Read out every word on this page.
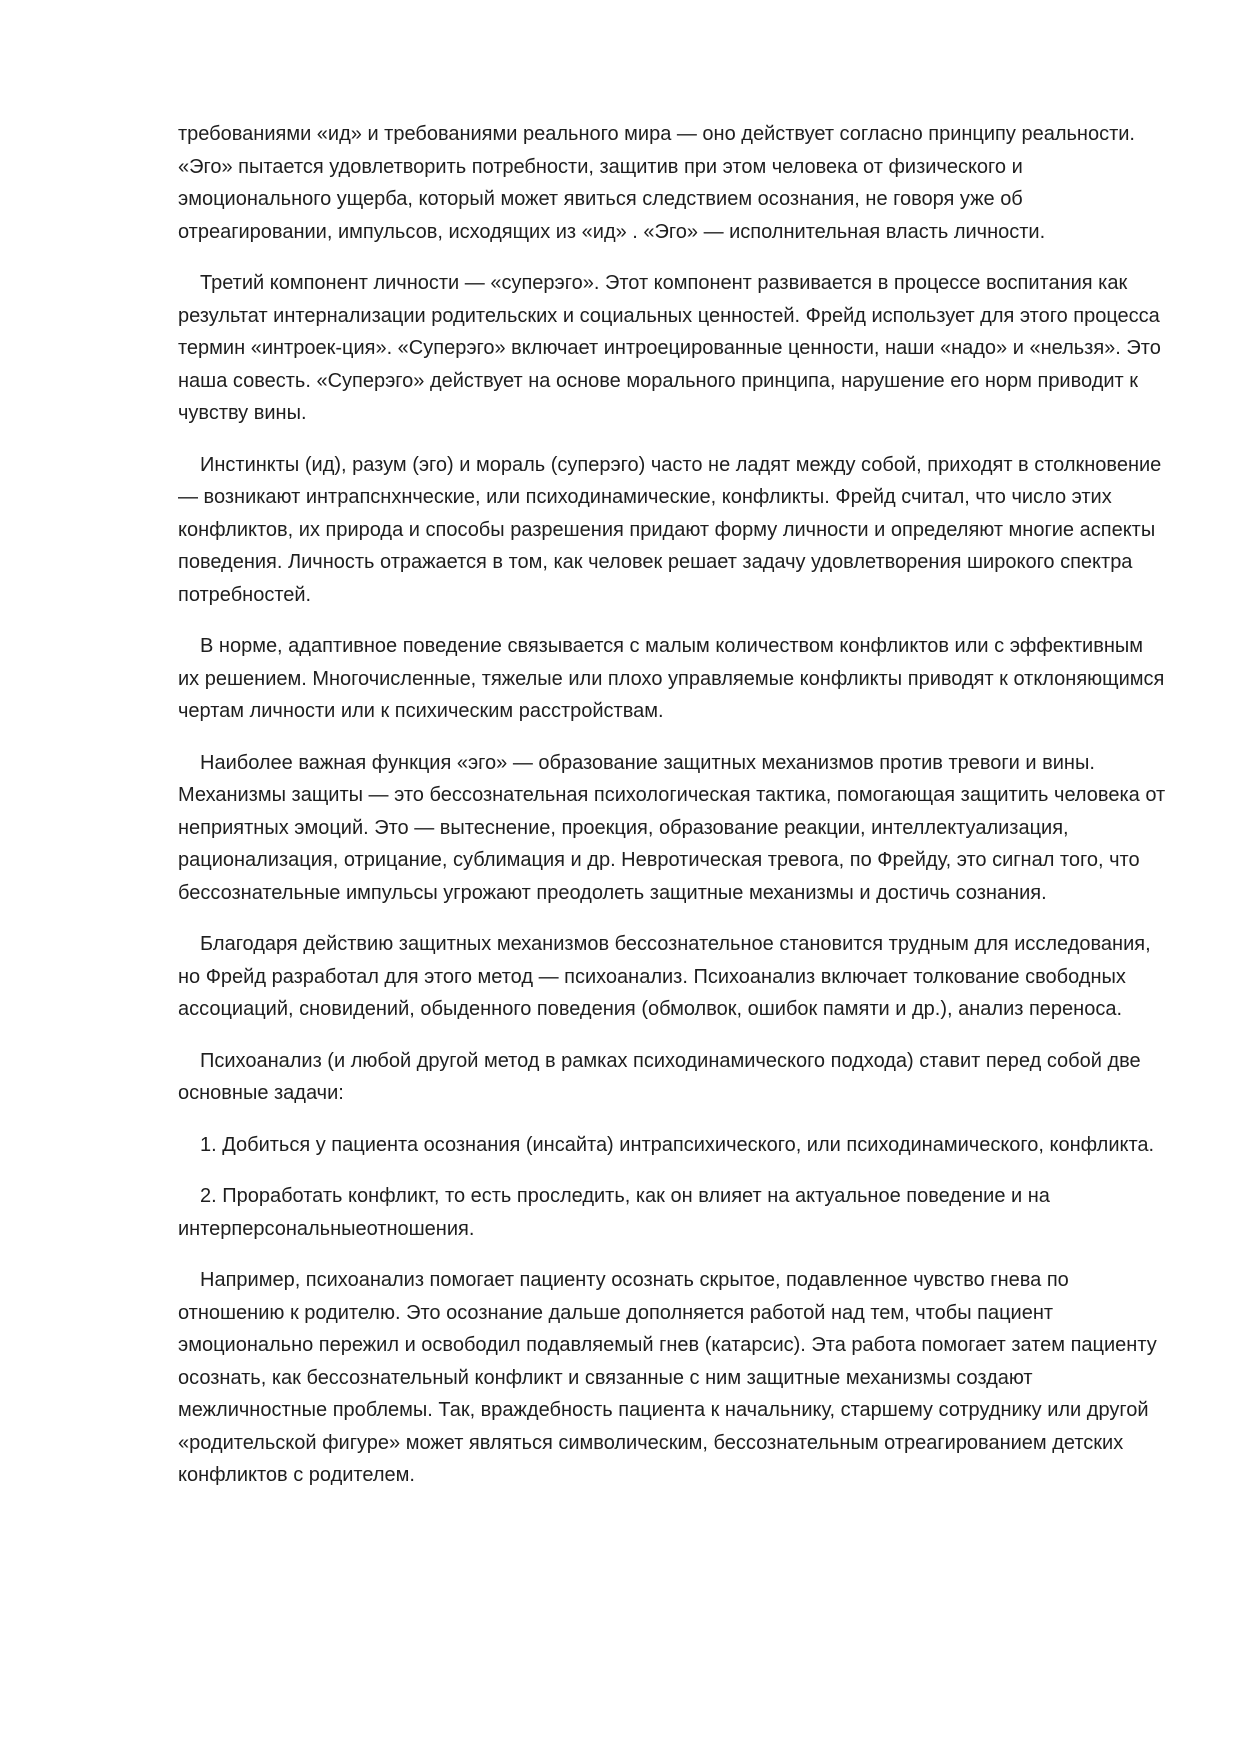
требованиями «ид» и требованиями реального мира — оно действует согласно принципу реальности. «Эго» пытается удовлетворить потребности, защитив при этом человека от физического и эмоционального ущерба, который может явиться следствием осознания, не говоря уже об отреагировании, импульсов, исходящих из «ид» . «Эго» — исполнительная власть личности.

Третий компонент личности — «суперэго». Этот компонент развивается в процессе воспитания как результат интернализации родительских и социальных ценностей. Фрейд использует для этого процесса термин «интроек-ция». «Суперэго» включает интроецированные ценности, наши «надо» и «нельзя». Это наша совесть. «Суперэго» действует на основе морального принципа, нарушение его норм приводит к чувству вины.

Инстинкты (ид), разум (эго) и мораль (суперэго) часто не ладят между собой, приходят в столкновение — возникают интрапснхнческие, или психодинамические, конфликты. Фрейд считал, что число этих конфликтов, их природа и способы разрешения придают форму личности и определяют многие аспекты поведения. Личность отражается в том, как человек решает задачу удовлетворения широкого спектра потребностей.

В норме, адаптивное поведение связывается с малым количеством конфликтов или с эффективным их решением. Многочисленные, тяжелые или плохо управляемые конфликты приводят к отклоняющимся чертам личности или к психическим расстройствам.

Наиболее важная функция «эго» — образование защитных механизмов против тревоги и вины. Механизмы защиты — это бессознательная психологическая тактика, помогающая защитить человека от неприятных эмоций. Это — вытеснение, проекция, образование реакции, интеллектуализация, рационализация, отрицание, сублимация и др. Невротическая тревога, по Фрейду, это сигнал того, что бессознательные импульсы угрожают преодолеть защитные механизмы и достичь сознания.

Благодаря действию защитных механизмов бессознательное становится трудным для исследования, но Фрейд разработал для этого метод — психоанализ. Психоанализ включает толкование свободных ассоциаций, сновидений, обыденного поведения (обмолвок, ошибок памяти и др.), анализ переноса.

Психоанализ (и любой другой метод в рамках психодинамического подхода) ставит перед собой две основные задачи:

1. Добиться у пациента осознания (инсайта) интрапсихического, или психодинамического, конфликта.

2. Проработать конфликт, то есть проследить, как он влияет на актуальное поведение и на интерперсональныеотношения.

Например, психоанализ помогает пациенту осознать скрытое, подавленное чувство гнева по отношению к родителю. Это осознание дальше дополняется работой над тем, чтобы пациент эмоционально пережил и освободил подавляемый гнев (катарсис). Эта работа помогает затем пациенту осознать, как бессознательный конфликт и связанные с ним защитные механизмы создают межличностные проблемы. Так, враждебность пациента к начальнику, старшему сотруднику или другой «родительской фигуре» может являться символическим, бессознательным отреагированием детских конфликтов с родителем.
